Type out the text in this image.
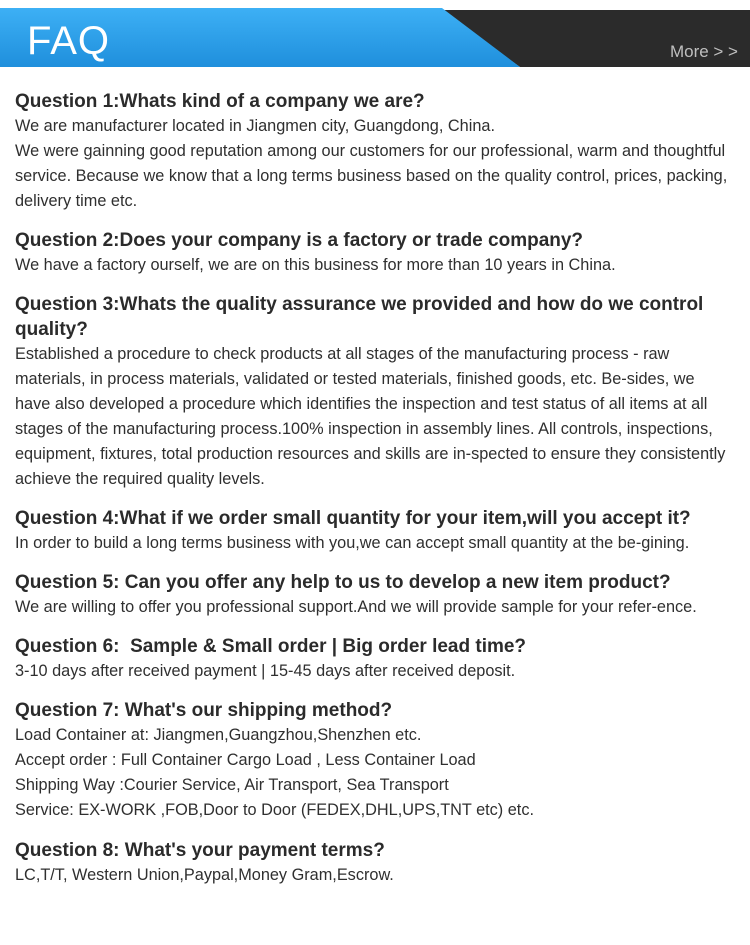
FAQ	More > >

Question 1:Whats kind of a company we are?

We are manufacturer located in Jiangmen city, Guangdong, China.
We were gainning good reputation among our customers for our professional, warm and thoughtful service. Because we know that a long terms business based on the quality control, prices, packing, delivery time etc.

Question 2:Does your company is a factory or trade company?

We have a factory ourself, we are on this business for more than 10 years in China.

Question 3:Whats the quality assurance we provided and how do we control quality?

Established a procedure to check products at all stages of the manufacturing process - raw materials, in process materials, validated or tested materials, finished goods, etc. Be-sides, we have also developed a procedure which identifies the inspection and test status of all items at all stages of the manufacturing process.100% inspection in assembly lines. All controls, inspections, equipment, fixtures, total production resources and skills are in-spected to ensure they consistently achieve the required quality levels.

Question 4:What if we order small quantity for your item,will you accept it?

In order to build a long terms business with you,we can accept small quantity at the be-gining.

Question 5: Can you offer any help to us to develop a new item product?

We are willing to offer you professional support.And we will provide sample for your refer-ence.

Question 6:  Sample & Small order | Big order lead time?

3-10 days after received payment | 15-45 days after received deposit.

Question 7: What's our shipping method?

Load Container at: Jiangmen,Guangzhou,Shenzhen etc.
Accept order : Full Container Cargo Load , Less Container Load
Shipping Way :Courier Service, Air Transport, Sea Transport
Service: EX-WORK ,FOB,Door to Door (FEDEX,DHL,UPS,TNT etc) etc.

Question 8: What's your payment terms?

LC,T/T, Western Union,Paypal,Money Gram,Escrow.
